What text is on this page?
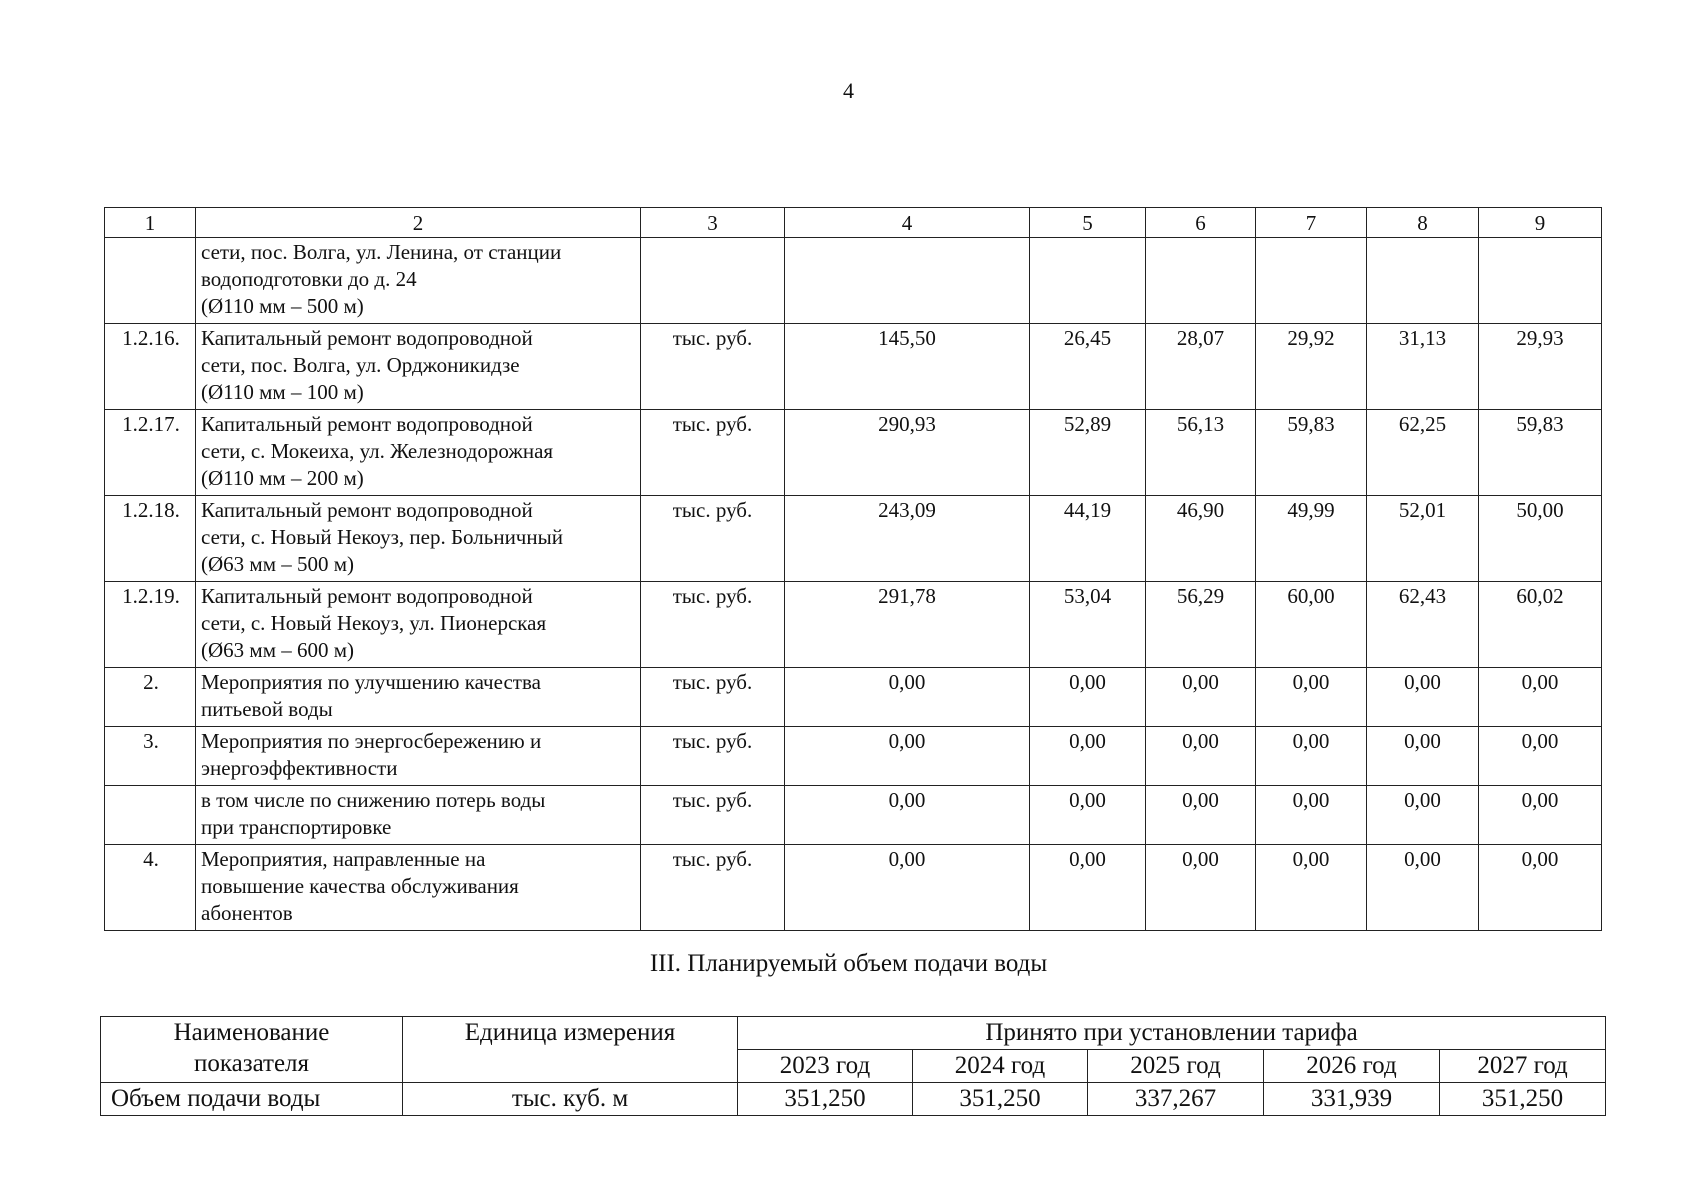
4
1	2	3	4	5	6	7	8	9

	сети, пос. Волга, ул. Ленина, от станции
водоподготовки до д. 24
(Ø110 мм – 500 м)							

1.2.16.	Капитальный ремонт водопроводной
сети, пос. Волга, ул. Орджоникидзе
(Ø110 мм – 100 м)	тыс. руб.	145,50	26,45	28,07	29,92	31,13	29,93
1.2.17.	Капитальный ремонт водопроводной
сети, с. Мокеиха, ул. Железнодорожная
(Ø110 мм – 200 м)	тыс. руб.	290,93	52,89	56,13	59,83	62,25	59,83
1.2.18.	Капитальный ремонт водопроводной
сети, с. Новый Некоуз, пер. Больничный
(Ø63 мм – 500 м)	тыс. руб.	243,09	44,19	46,90	49,99	52,01	50,00
1.2.19.	Капитальный ремонт водопроводной
сети, с. Новый Некоуз, ул. Пионерская
(Ø63 мм – 600 м)	тыс. руб.	291,78	53,04	56,29	60,00	62,43	60,02
2.	Мероприятия по улучшению качества
питьевой воды	тыс. руб.	0,00	0,00	0,00	0,00	0,00	0,00
3.	Мероприятия по энергосбережению и
энергоэффективности	тыс. руб.	0,00	0,00	0,00	0,00	0,00	0,00

	в том числе по снижению потерь воды
при транспортировке	тыс. руб.	0,00	0,00	0,00	0,00	0,00	0,00
4.	Мероприятия, направленные на
повышение качества обслуживания
абонентов	тыс. руб.	0,00	0,00	0,00	0,00	0,00	0,00
III. Планируемый объем подачи воды
Наименование
показателя	Единица измерения	Принято при установлении тарифа				
		2023 год	2024 год	2025 год	2026 год	2027 год
Объем подачи воды	тыс. куб. м	351,250	351,250	337,267	331,939	351,250
